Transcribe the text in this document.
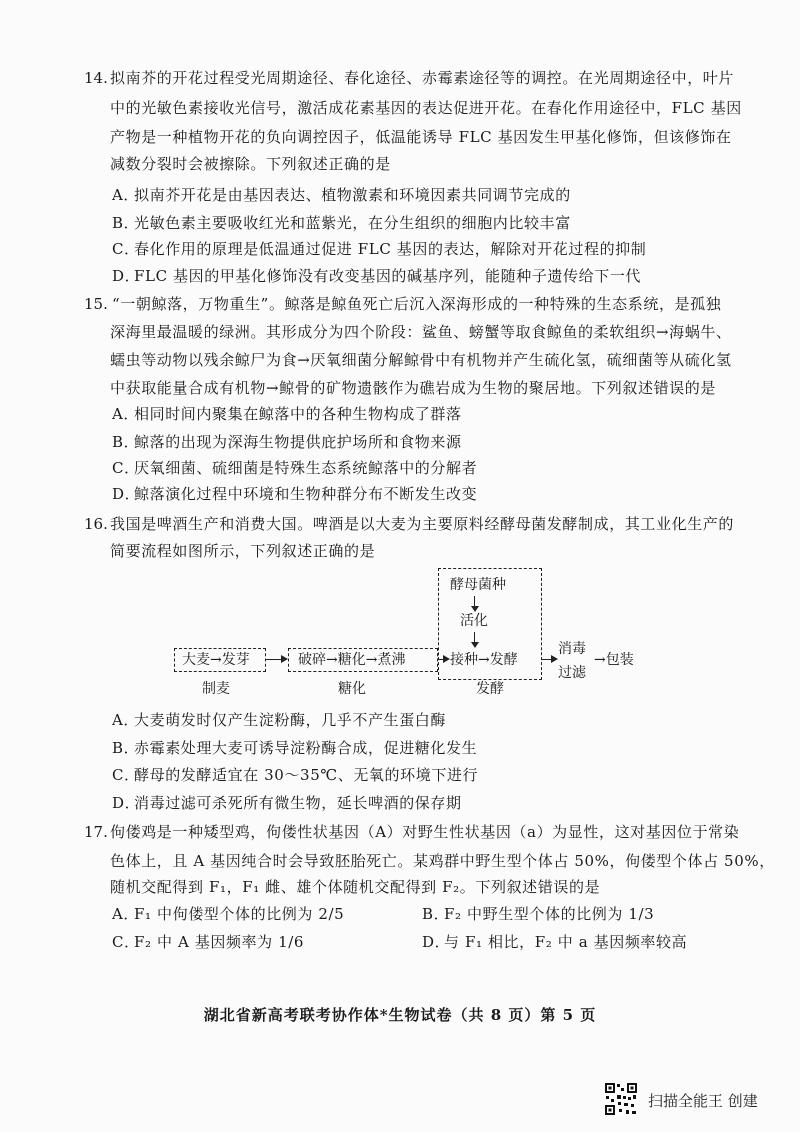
14. 拟南芥的开花过程受光周期途径、春化途径、赤霉素途径等的调控。在光周期途径中，叶片
中的光敏色素接收光信号，激活成花素基因的表达促进开花。在春化作用途径中，FLC 基因
产物是一种植物开花的负向调控因子，低温能诱导 FLC 基因发生甲基化修饰，但该修饰在
减数分裂时会被擦除。下列叙述正确的是
A．拟南芥开花是由基因表达、植物激素和环境因素共同调节完成的
B．光敏色素主要吸收红光和蓝紫光，在分生组织的细胞内比较丰富
C．春化作用的原理是低温通过促进 FLC 基因的表达，解除对开花过程的抑制
D．FLC 基因的甲基化修饰没有改变基因的碱基序列，能随种子遗传给下一代
15. “一朝鲸落，万物重生”。鲸落是鲸鱼死亡后沉入深海形成的一种特殊的生态系统，是孤独
深海里最温暖的绿洲。其形成分为四个阶段：鲨鱼、螃蟹等取食鲸鱼的柔软组织→海蜗牛、
蠕虫等动物以残余鲸尸为食→厌氧细菌分解鲸骨中有机物并产生硫化氢，硫细菌等从硫化氢
中获取能量合成有机物→鲸骨的矿物遗骸作为礁岩成为生物的聚居地。下列叙述错误的是
A．相同时间内聚集在鲸落中的各种生物构成了群落
B．鲸落的出现为深海生物提供庇护场所和食物来源
C．厌氧细菌、硫细菌是特殊生态系统鲸落中的分解者
D．鲸落演化过程中环境和生物种群分布不断发生改变
16. 我国是啤酒生产和消费大国。啤酒是以大麦为主要原料经酵母菌发酵制成，其工业化生产的
简要流程如图所示，下列叙述正确的是
大麦→发芽	破碎→糖化→煮沸
酵母菌种
活化
接种→发酵
消毒
过滤
→包装
制麦	糖化	发酵
A．大麦萌发时仅产生淀粉酶，几乎不产生蛋白酶
B．赤霉素处理大麦可诱导淀粉酶合成，促进糖化发生
C．酵母的发酵适宜在 30～35℃、无氧的环境下进行
D．消毒过滤可杀死所有微生物，延长啤酒的保存期
17. 佝偻鸡是一种矮型鸡，佝偻性状基因（A）对野生性状基因（a）为显性，这对基因位于常染
色体上，且 A 基因纯合时会导致胚胎死亡。某鸡群中野生型个体占 50%，佝偻型个体占 50%，
随机交配得到 F₁，F₁ 雌、雄个体随机交配得到 F₂。下列叙述错误的是
A．F₁ 中佝偻型个体的比例为 2/5	B．F₂ 中野生型个体的比例为 1/3
C．F₂ 中 A 基因频率为 1/6	D．与 F₁ 相比，F₂ 中 a 基因频率较高
湖北省新高考联考协作体*生物试卷（共 8 页）第 5 页
扫描全能王 创建
